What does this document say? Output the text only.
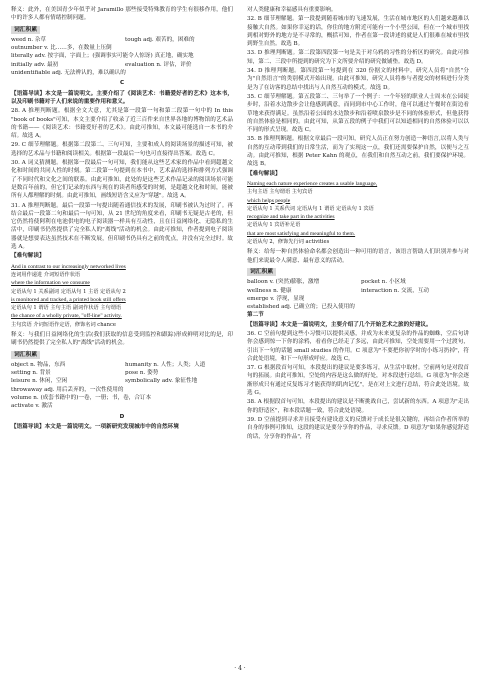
释义：此外，在美国青少年似乎对 Jaramillo 那些接受特殊教育的学生有很移作用，他们中的许多人都有情绪控制问题。
词汇积累
weed n. 杂草	tough adj. 艰苦的，困难的
outnumber v. 比……多，在数量上压倒
literally adv. 按字面，字面上；(强调事实可能令人惊讶) 真正地，确实地
initially adv. 最初	evaluation n. 评估，评价
unidentifiable adj. 无法辨认的，难以确认的
C
【语篇导读】本文是一篇说明文。主要介绍了《阅读艺术：书籍爱好者的艺术》这本书，以及印刷书籍对于人们来说的重要作用和意义。
28. A 推理判断题。根据全文大意，尤其是第一段第一句和第二段第一句中的 In this "book of books"可知，本文主要介绍了收录了近三百件来自世界各地的博物馆的艺术品的书籍——《阅读艺术：书籍爱好者的艺术》。由此可推知，本文最可能选自一本书的介绍。故选 A。
29. C 细节理解题。根据第二段第二、三句可知，主要和成人的阅读场景的描述可知，被选择的艺术品与书籍和阅读相关。根据第一段最后一句也可直接得出答案。故选 C。
30. A 词义猜测题。根据第一段最后一句可知，我们能从这些艺术家的作品中看到超越文化和时间的共同人性的时刻。第二段第一句提到在本书中，艺术品的选择和排列方式强调了不同时代和文化之间的联系。由此可推知，此处的是这些艺术作品记录的阅读场景可能是数百年前的，但它们记录的东西与现在的读者所感受的时刻，是超越文化和时间，能被所有人都理解的时刻。由此可推知，画线短语含义应为"穿越"。故选 A。
31. A 推理判断题。最后一段第一句提出随着通信技术的发展，印刷书被认为过时了。再结合最后一段第二句和最后一句可知，从 21 世纪的角度来看，印刷书无疑是古老的，但它仍然将使阿利在电池供电的电子阅读器一样具有互动性，且在日益网络化、无隐私的生活中，印刷书仍然提供了完全私人的"离线"活动的机会。由此可推知，作者提到电子阅读器就是想要表达虽然技术在不断发展，但印刷书仍具有之前的优点，并没有完全过时。故选 A。
【难句解读】
And in contrast to our increasingly networked lives
连词用作递进 介词短语作状语
where the information we consume
定语从句 1 关系副词 定语从句 1 主语 定语从句 2
is monitored and tracked, a printed book still offers
定语从句 1 谓语 主句主语 副词作状语 主句谓语
the chance of a wholly private, "off-line" activity.
主句宾语 介词短语作定语，修饰名词 chance
释义：与我们日益网络化的生活(我们获取的信息受到监控和跟踪)形成鲜明对比的是，印刷书仍然提供了完全私人的"离线"活动的机会。
词汇积累
object n. 物品，东西	humanity n. 人性；人类；人道
setting n. 背景	pose n. 姿势
leisure n. 休闲，空闲	symbolically adv. 象征性地
throwaway adj. 用后丢弃的，一次性使用的
volume n. (成套书籍中的)一卷，一册；书，卷，合订本
activate v. 激活
D
【语篇导读】本文是一篇说明文。一项新研究发现城市中的自然环境
对人类健康和幸福感具有重要影响。
32. B 细节理解题。第一段提到随着城市的飞速发展，生活在城市地区的人们越来越难以接触大自然。如果你幸运的话，你住的地方附近可能有一个小型公园，但在一个城市里找到相对野外的地方是不寻常的，概括可知，作者在第一段讲述的就是人们很难在城市里找到野生自然。故选 B。
33. D 推理判断题。第二段第四段第一句是关于对乌鸦的习性的分析区的研究。由此可推知，第二、三段中所提到的研究为下文所要介绍的研究做铺垫。故选 D。
34. D 推理判断题。第四段第一句提到在 320 份据文的材料中，研究人员将"自然"分为"自然语言"的类别模式开始出现。由此可推知，研究人员将参与者提交的材料进行分类是为了在访客的总结中找出与人自然互动的模式。故选 D。
35. C 细节理解题。第五段第二、三句举了一个例子：一个年轻的职业人士周末在公园徒步时，沿着水边散步会让他感到满意，而同到市中心工作时，他可以通过午餐时在街边看草地来获得满足。虽然沿着公园的水边散步和沿着喷泉散步是不同的体验形式，但他获得的自然体验是相同的。由此可知，从第五段的例子中我们可以知道相同的自然体验可以以不同的形式呈现。故选 C。
35. B 推理判断题。根据文章最后一段可知，研究人员正在努力创造一种语言,以将人类与自然的互动带到我们的日常生活，而为了实现这一点，我们还需要保护自然，以便与之互动。由此可推知，根据 Peter Kahn 的观点，在我们和自然互动之前，我们要保护环境。故选 B。
【难句解读】
Naming each nature experience creates a usable language,
主句主语 主句谓语 主句宾语
which helps people
定语从句 1 关系代词 定语从句 1 谓语 定语从句 1 宾语
recognize and take part in the activities
定语从句 1 宾语补足语
that are most satisfying and meaningful to them.
定语从句 2，修饰先行词 activities
释义：给每一种自然体验命名都会创造出一种可用的语言，该语言帮助人们识别并参与对他们来说最令人满意、最有意义的活动。
词汇积累
balloon v. (突然)膨胀，激增	pocket n. 小区域
wellness n. 健康	interaction n. 交流，互动
emerge v. 浮现，显现
established adj. 已确立的；已投入使用的
第二节
【语篇导读】本文是一篇说明文，主要介绍了几个开始艺术之旅的好建议。
36. C 空前句提到这些小习惯可以提供灵感，并成为未来更复杂的作品的蜘蛛，空后句讲你会感到惊一下你的涂鸦，看看你已经走了多远，由此可推知，空处需要用一个过渡句，引出下一句的话题 small studies 的作用。C 项意为"不要把你初学时的小练习扔掉"，符合此处语境，和下一句形成呼应。故选 C。
37. G 根据段首句可知，本段提出的建议是要多练习，从生活中取材。空前两句是对段首句的拓展。由此可推知，空处的内容是这么做的好处，对本段进行总结。G 项意为"你会逐渐形成只有通过反复练习才能获得的肌肉记忆"，是在对上文进行总结，符合此处语境。故选 G。
38. A 根据段首句可知，本段提出的建议是不断挑战自己，尝试新的东西。A 项意为"走出你的舒适区"，和本段话题一致，符合此处语境。
39. D 空前提到寻求并且接受有建设意义的反馈对于成长是很关键的，再结合作者所举的自身的事例可推知，这段的建议是要分享你的作品，寻求反馈。D 项意为"如果你感觉舒适的话，分享你的作品"，符
· 4 ·
